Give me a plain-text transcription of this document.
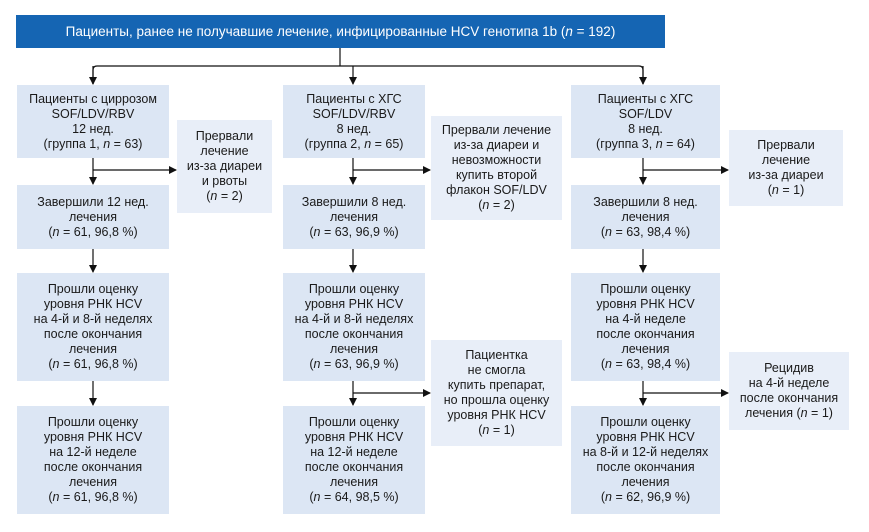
Пациенты, ранее не получавшие лечение, инфицированные HCV генотипа 1b (n = 192)
Пациенты с циррозом
SOF/LDV/RBV
12 нед.
(группа 1, n = 63)
Завершили 12 нед.
лечения
(n = 61, 96,8 %)
Прошли оценку
уровня РНК HCV
на 4-й и 8-й неделях
после окончания
лечения
(n = 61, 96,8 %)
Прошли оценку
уровня РНК HCV
на 12-й неделе
после окончания
лечения
(n = 61, 96,8 %)
Прервали
лечение
из-за диареи
и рвоты
(n = 2)
Пациенты с ХГС
SOF/LDV/RBV
8 нед.
(группа 2, n = 65)
Завершили 8 нед.
лечения
(n = 63, 96,9 %)
Прошли оценку
уровня РНК HCV
на 4-й и 8-й неделях
после окончания
лечения
(n = 63, 96,9 %)
Прошли оценку
уровня РНК HCV
на 12-й неделе
после окончания
лечения
(n = 64, 98,5 %)
Прервали лечение
из-за диареи и
невозможности
купить второй
флакон SOF/LDV
(n = 2)
Пациентка
не смогла
купить препарат,
но прошла оценку
уровня РНК HCV
(n = 1)
Пациенты с ХГС
SOF/LDV
8 нед.
(группа 3, n = 64)
Завершили 8 нед.
лечения
(n = 63, 98,4 %)
Прошли оценку
уровня РНК HCV
на 4-й неделе
после окончания
лечения
(n = 63, 98,4 %)
Прошли оценку
уровня РНК HCV
на 8-й и 12-й неделях
после окончания
лечения
(n = 62, 96,9 %)
Прервали
лечение
из-за диареи
(n = 1)
Рецидив
на 4-й неделе
после окончания
лечения (n = 1)
